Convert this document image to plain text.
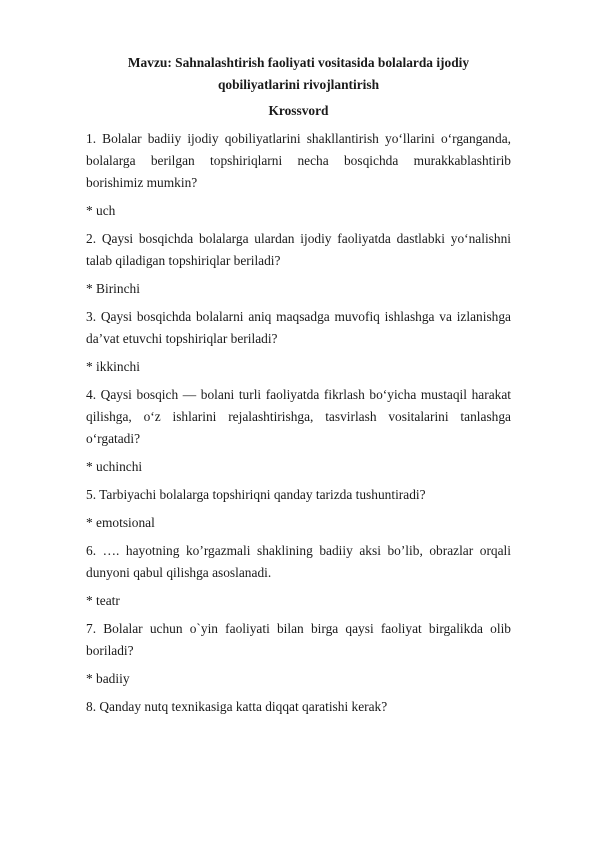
Mavzu: Sahnalashtirish faoliyati vositasida bolalarda ijodiy qobiliyatlarini rivojlantirish

Krossvord

1. Bolalar badiiy ijodiy qobiliyatlarini shakllantirish yo‘llarini o‘rganganda, bolalarga berilgan topshiriqlarni necha bosqichda murakkablashtirib borishimiz mumkin?

* uch

2. Qaysi bosqichda bolalarga ulardan ijodiy faoliyatda dastlabki yo‘nalishni talab qiladigan topshiriqlar beriladi?

* Birinchi

3. Qaysi bosqichda bolalarni aniq maqsadga muvofiq ishlashga va izlanishga da’vat etuvchi topshiriqlar beriladi?

* ikkinchi

4. Qaysi bosqich — bolani turli faoliyatda fikrlash bo‘yicha mustaqil harakat qilishga, o‘z ishlarini rejalashtirishga, tasvirlash vositalarini tanlashga o‘rgatadi?

* uchinchi

5. Tarbiyachi bolalarga topshiriqni qanday tarizda tushuntiradi?

* emotsional

6. …. hayotning ko’rgazmali shaklining badiiy aksi bo’lib, obrazlar orqali dunyoni qabul qilishga asoslanadi.

* teatr

7. Bolalar uchun o`yin faoliyati bilan birga qaysi faoliyat birgalikda olib boriladi?

* badiiy

8. Qanday nutq texnikasiga katta diqqat qaratishi kerak?
